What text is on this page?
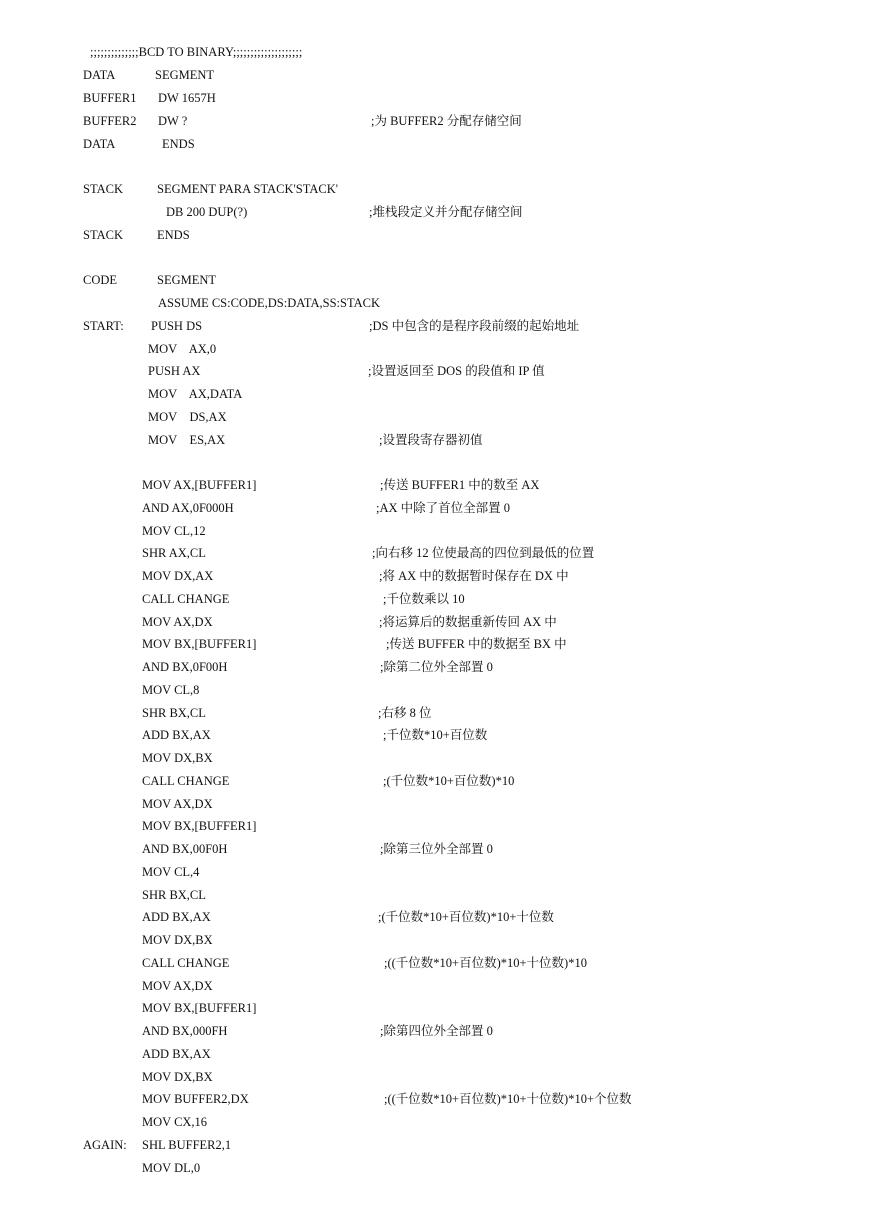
;;;;;;;;;;;;;;BCD TO BINARY;;;;;;;;;;;;;;;;;;;;

DATA	SEGMENT
BUFFER1 DW 1657H
BUFFER2 DW ?	;为 BUFFER2 分配存储空间
DATA	ENDS
STACK	SEGMENT PARA STACK'STACK'
DB 200 DUP(?)	;堆栈段定义并分配存储空间
STACK	ENDS
CODE	SEGMENT
ASSUME CS:CODE,DS:DATA,SS:STACK
START: PUSH DS	;DS 中包含的是程序段前缀的起始地址
MOV    AX,0
PUSH AX	;设置返回至 DOS 的段值和 IP 值
MOV    AX,DATA
MOV    DS,AX
MOV    ES,AX	;设置段寄存器初值
MOV AX,[BUFFER1]	;传送 BUFFER1 中的数至 AX
AND AX,0F000H	;AX 中除了首位全部置 0
MOV CL,12
SHR AX,CL	;向右移 12 位使最高的四位到最低的位置
MOV DX,AX	;将 AX 中的数据暂时保存在 DX 中
CALL CHANGE	;千位数乘以 10
MOV AX,DX	;将运算后的数据重新传回 AX 中
MOV BX,[BUFFER1]	;传送 BUFFER 中的数据至 BX 中
AND BX,0F00H	;除第二位外全部置 0
MOV CL,8
SHR BX,CL	;右移 8 位
ADD BX,AX	;千位数*10+百位数
MOV DX,BX
CALL CHANGE	;(千位数*10+百位数)*10
MOV AX,DX
MOV BX,[BUFFER1]
AND BX,00F0H	;除第三位外全部置 0
MOV CL,4
SHR BX,CL
ADD BX,AX	;(千位数*10+百位数)*10+十位数
MOV DX,BX
CALL CHANGE	;((千位数*10+百位数)*10+十位数)*10
MOV AX,DX
MOV BX,[BUFFER1]
AND BX,000FH	;除第四位外全部置 0
ADD BX,AX
MOV DX,BX
MOV BUFFER2,DX	;((千位数*10+百位数)*10+十位数)*10+个位数
MOV CX,16
AGAIN: SHL BUFFER2,1
MOV DL,0
